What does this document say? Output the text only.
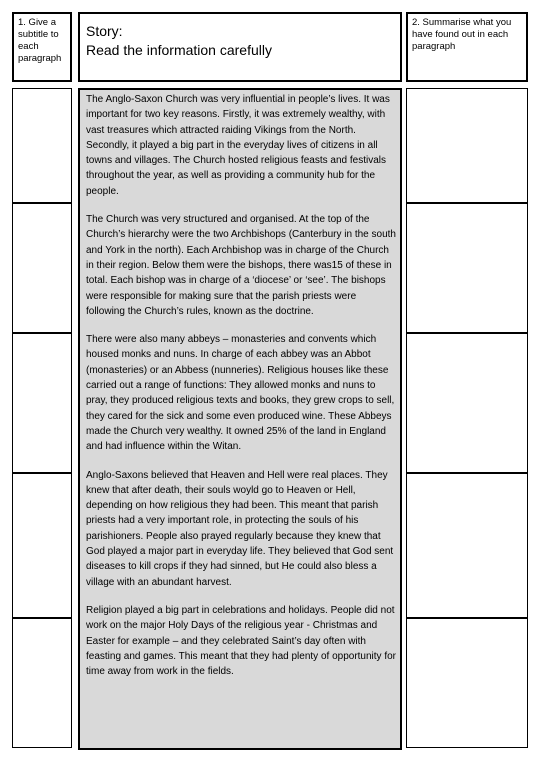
1. Give a subtitle to each paragraph
Story:
Read the information carefully
2. Summarise what you have found out in each paragraph

The Anglo-Saxon Church was very influential in people’s lives. It was important for two key reasons. Firstly, it was extremely wealthy, with vast treasures which attracted raiding Vikings from the North. Secondly, it played a big part in the everyday lives of citizens in all towns and villages. The Church hosted religious feasts and festivals throughout the year, as well as providing a community hub for the people.

The Church was very structured and organised. At the top of the Church’s hierarchy were the two Archbishops (Canterbury in the south and York in the north). Each Archbishop was in charge of the Church in their region. Below them were the bishops, there was15 of these in total. Each bishop was in charge of a ‘diocese’ or ‘see’. The bishops were responsible for making sure that the parish priests were following the Church’s rules, known as the doctrine.

There were also many abbeys – monasteries and convents which housed monks and nuns. In charge of each abbey was an Abbot (monasteries) or an Abbess (nunneries). Religious houses like these carried out a range of functions: They allowed monks and nuns to pray, they produced religious texts and books, they grew crops to sell, they cared for the sick and some even produced wine. These Abbeys made the Church very wealthy. It owned 25% of the land in England and had influence within the Witan.

Anglo-Saxons believed that Heaven and Hell were real places. They knew that after death, their souls woyld go to Heaven or Hell, depending on how religious they had been. This meant that parish priests had a very important role, in protecting the souls of his parishioners. People also prayed regularly because they knew that God played a major part in everyday life. They believed that God sent diseases to kill crops if they had sinned, but He could also bless a village with an abundant harvest.

Religion played a big part in celebrations and holidays. People did not work on the major Holy Days of the religious year - Christmas and Easter for example – and they celebrated Saint’s day often with feasting and games. This meant that they had plenty of opportunity for time away from work in the fields.
